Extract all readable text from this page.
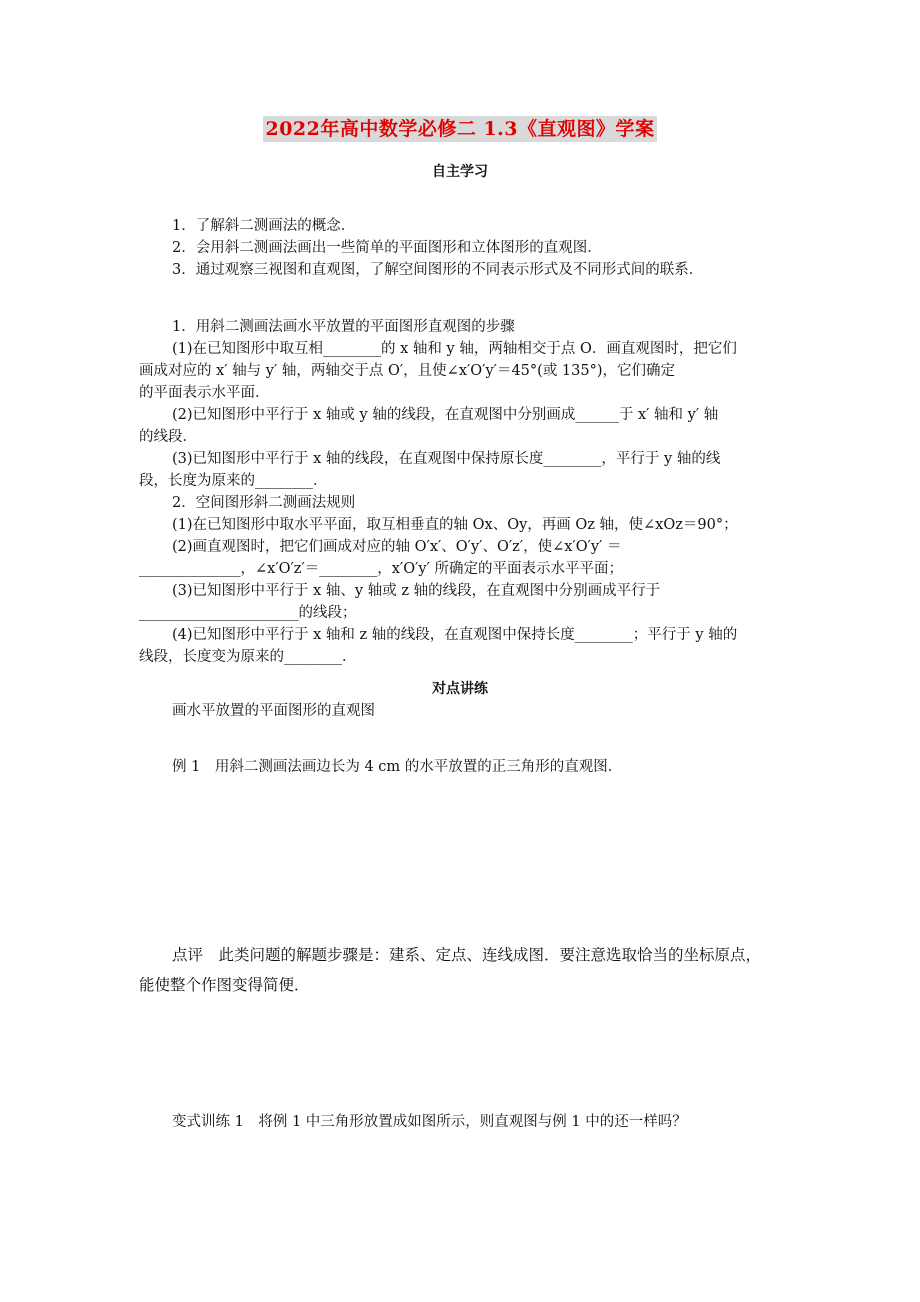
2022年高中数学必修二 1.3《直观图》学案
自主学习
1．了解斜二测画法的概念．
2．会用斜二测画法画出一些简单的平面图形和立体图形的直观图．
3．通过观察三视图和直观图，了解空间图形的不同表示形式及不同形式间的联系．
1．用斜二测画法画水平放置的平面图形直观图的步骤
(1)在已知图形中取互相________的 x 轴和 y 轴，两轴相交于点 O．画直观图时，把它们
画成对应的 x′ 轴与 y′ 轴，两轴交于点 O′，且使∠x′O′y′＝45°(或 135°)，它们确定
的平面表示水平面．
(2)已知图形中平行于 x 轴或 y 轴的线段，在直观图中分别画成______于 x′ 轴和 y′ 轴
的线段．
(3)已知图形中平行于 x 轴的线段，在直观图中保持原长度________，平行于 y 轴的线
段，长度为原来的________．
2．空间图形斜二测画法规则
(1)在已知图形中取水平平面，取互相垂直的轴 Ox、Oy，再画 Oz 轴，使∠xOz＝90°；
(2)画直观图时，把它们画成对应的轴 O′x′、O′y′、O′z′，使∠x′O′y′ ＝
______________，∠x′O′z′＝________，x′O′y′ 所确定的平面表示水平平面；
(3)已知图形中平行于 x 轴、y 轴或 z 轴的线段，在直观图中分别画成平行于
______________________的线段；
(4)已知图形中平行于 x 轴和 z 轴的线段，在直观图中保持长度________；平行于 y 轴的
线段，长度变为原来的________．
对点讲练
画水平放置的平面图形的直观图
例 1　用斜二测画法画边长为 4 cm 的水平放置的正三角形的直观图．
点评　此类问题的解题步骤是：建系、定点、连线成图．要注意选取恰当的坐标原点，
能使整个作图变得简便．
变式训练 1　将例 1 中三角形放置成如图所示，则直观图与例 1 中的还一样吗？
